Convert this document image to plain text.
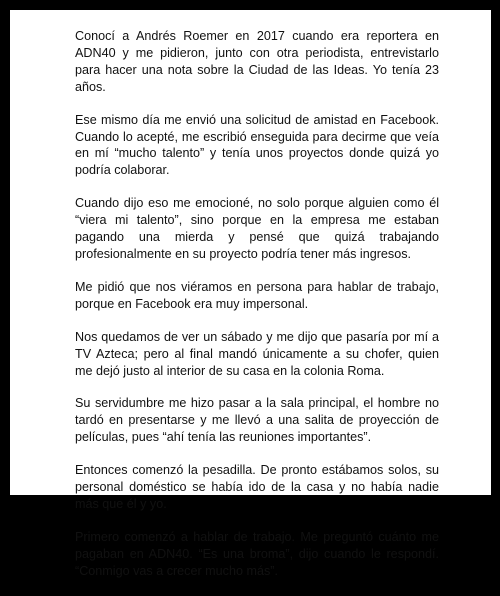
Conocí a Andrés Roemer en 2017 cuando era reportera en ADN40 y me pidieron, junto con otra periodista, entrevistarlo para hacer una nota sobre la Ciudad de las Ideas. Yo tenía 23 años.

Ese mismo día me envió una solicitud de amistad en Facebook. Cuando lo acepté, me escribió enseguida para decirme que veía en mí “mucho talento” y tenía unos proyectos donde quizá yo podría colaborar.

Cuando dijo eso me emocioné, no solo porque alguien como él “viera mi talento”, sino porque en la empresa me estaban pagando una mierda y pensé que quizá trabajando profesionalmente en su proyecto podría tener más ingresos.

Me pidió que nos viéramos en persona para hablar de trabajo, porque en Facebook era muy impersonal.

Nos quedamos de ver un sábado y me dijo que pasaría por mí a TV Azteca; pero al final mandó únicamente a su chofer, quien me dejó justo al interior de su casa en la colonia Roma.

Su servidumbre me hizo pasar a la sala principal, el hombre no tardó en presentarse y me llevó a una salita de proyección de películas, pues “ahí tenía las reuniones importantes”.

Entonces comenzó la pesadilla. De pronto estábamos solos, su personal doméstico se había ido de la casa y no había nadie más que él y yo.

Primero comenzó a hablar de trabajo. Me preguntó cuánto me pagaban en ADN40. “Es una broma”, dijo cuando le respondí. “Conmigo vas a crecer mucho más”.
